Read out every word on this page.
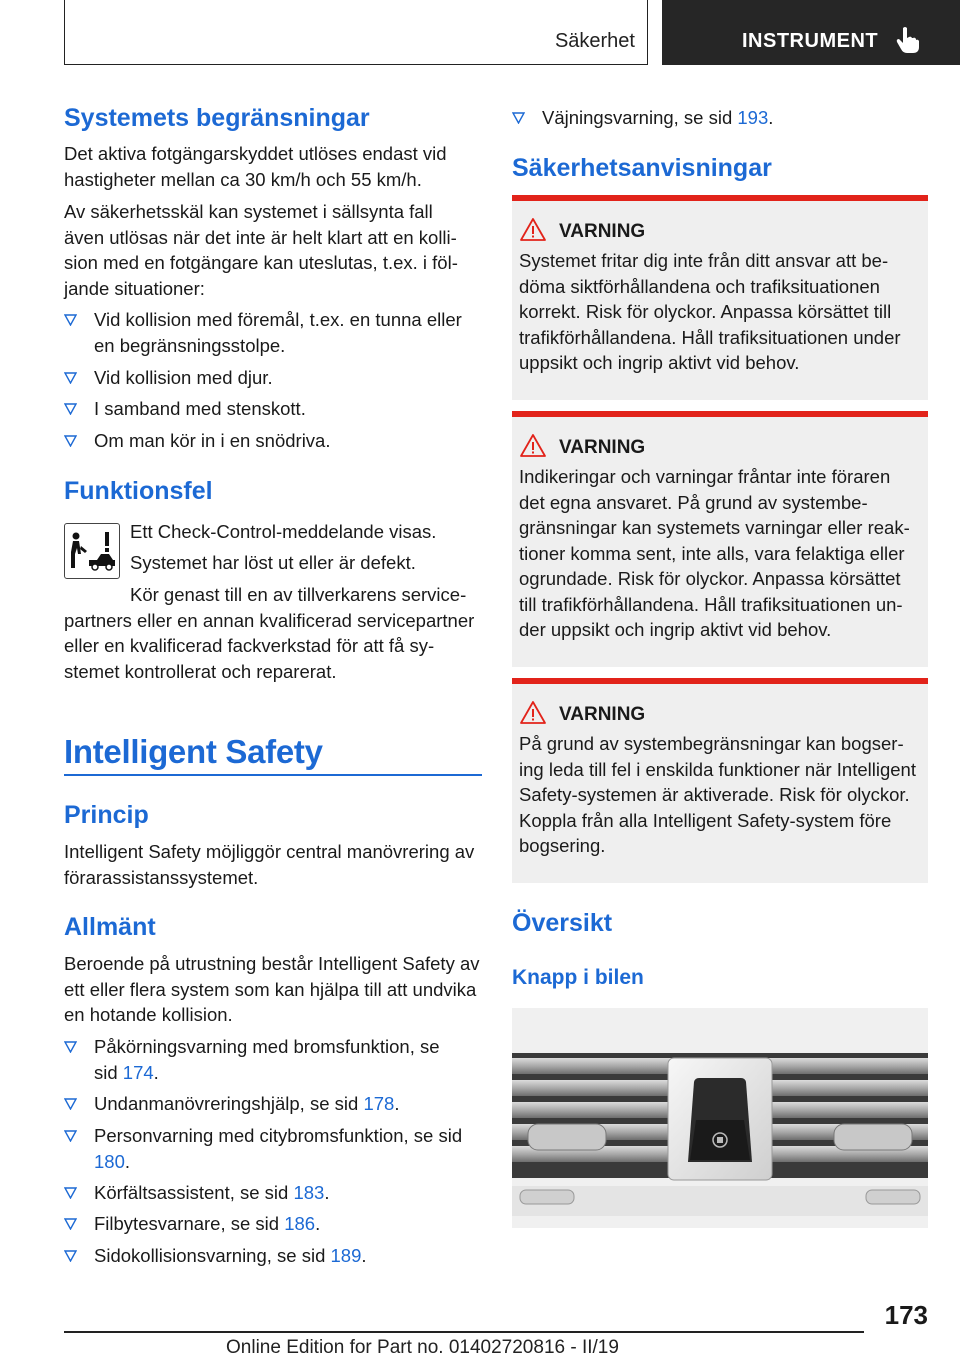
Säkerhet	INSTRUMENT
Systemets begränsningar
Det aktiva fotgängarskyddet utlöses endast vid hastigheter mellan ca 30 km/h och 55 km/h.
Av säkerhetsskäl kan systemet i sällsynta fall även utlösas när det inte är helt klart att en kollision med en fotgängare kan uteslutas, t.ex. i följande situationer:
Vid kollision med föremål, t.ex. en tunna eller en begränsningsstolpe.
Vid kollision med djur.
I samband med stenskott.
Om man kör in i en snödriva.
Funktionsfel
Ett Check-Control-meddelande visas.
Systemet har löst ut eller är defekt.
Kör genast till en av tillverkarens servicepartners eller en annan kvalificerad servicepartner eller en kvalificerad fackverkstad för att få systemet kontrollerat och reparerat.
Intelligent Safety
Princip
Intelligent Safety möjliggör central manövrering av förarassistanssystemet.
Allmänt
Beroende på utrustning består Intelligent Safety av ett eller flera system som kan hjälpa till att undvika en hotande kollision.
Påkörningsvarning med bromsfunktion, se sid 174.
Undanmanövreringshjälp, se sid 178.
Personvarning med citybromsfunktion, se sid 180.
Körfältsassistent, se sid 183.
Filbytesvarnare, se sid 186.
Sidokollisionsvarning, se sid 189.
Väjningsvarning, se sid 193.
Säkerhetsanvisningar
VARNING
Systemet fritar dig inte från ditt ansvar att bedöma siktförhållandena och trafiksituationen korrekt. Risk för olyckor. Anpassa körsättet till trafikförhållandena. Håll trafiksituationen under uppsikt och ingrip aktivt vid behov.
VARNING
Indikeringar och varningar fråntar inte föraren det egna ansvaret. På grund av systembegränsningar kan systemets varningar eller reaktioner komma sent, inte alls, vara felaktiga eller ogrundade. Risk för olyckor. Anpassa körsättet till trafikförhållandena. Håll trafiksituationen under uppsikt och ingrip aktivt vid behov.
VARNING
På grund av systembegränsningar kan bogsering leda till fel i enskilda funktioner när Intelligent Safety-systemen är aktiverade. Risk för olyckor. Koppla från alla Intelligent Safety-system före bogsering.
Översikt
Knapp i bilen
173
Online Edition for Part no. 01402720816 - II/19
